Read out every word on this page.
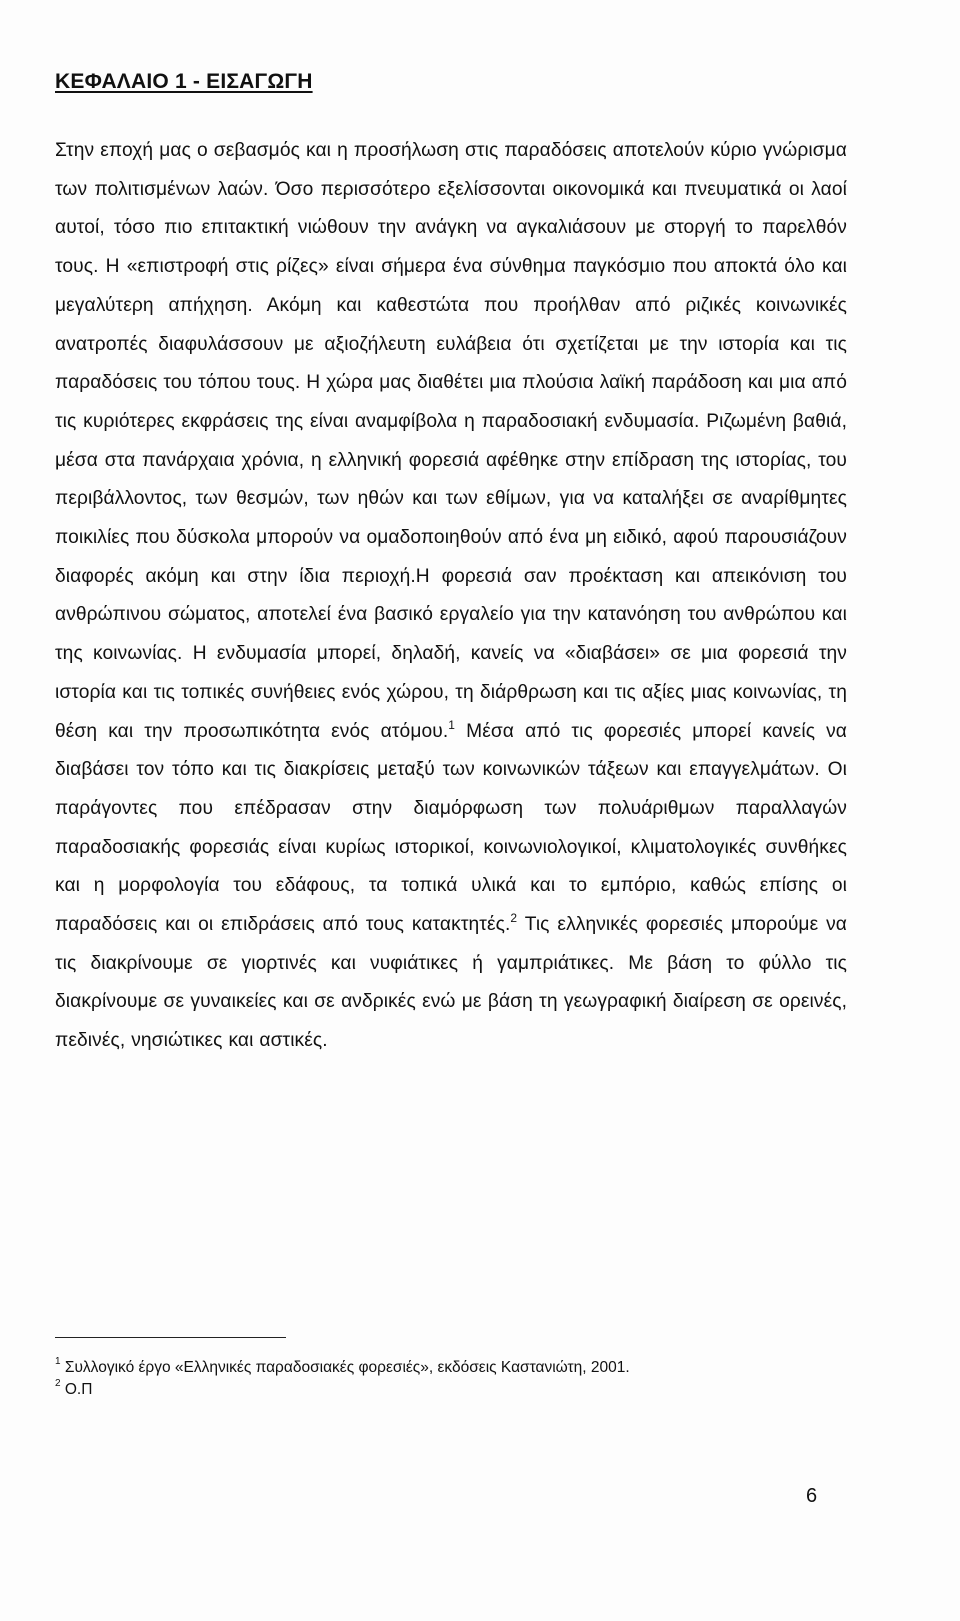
ΚΕΦΑΛΑΙΟ 1 - ΕΙΣΑΓΩΓΗ

Στην εποχή μας ο σεβασμός και η προσήλωση στις παραδόσεις αποτελούν κύριο γνώρισμα των πολιτισμένων λαών. Όσο περισσότερο εξελίσσονται οικονομικά και πνευματικά οι λαοί αυτοί, τόσο πιο επιτακτική νιώθουν την ανάγκη να αγκαλιάσουν με στοργή το παρελθόν τους. Η «επιστροφή στις ρίζες» είναι σήμερα ένα σύνθημα παγκόσμιο που αποκτά όλο και μεγαλύτερη απήχηση. Ακόμη και καθεστώτα που προήλθαν από ριζικές κοινωνικές ανατροπές διαφυλάσσουν με αξιοζήλευτη ευλάβεια ότι σχετίζεται με την ιστορία και τις παραδόσεις του τόπου τους. Η χώρα μας διαθέτει μια πλούσια λαϊκή παράδοση και μια από τις κυριότερες εκφράσεις της είναι αναμφίβολα η παραδοσιακή ενδυμασία. Ριζωμένη βαθιά, μέσα στα πανάρχαια χρόνια, η ελληνική φορεσιά αφέθηκε στην επίδραση της ιστορίας, του περιβάλλοντος, των θεσμών, των ηθών και των εθίμων, για να καταλήξει σε αναρίθμητες ποικιλίες που δύσκολα μπορούν να ομαδοποιηθούν από ένα μη ειδικό, αφού παρουσιάζουν διαφορές ακόμη και στην ίδια περιοχή.Η φορεσιά σαν προέκταση και απεικόνιση του ανθρώπινου σώματος, αποτελεί ένα βασικό εργαλείο για την κατανόηση του ανθρώπου και της κοινωνίας. Η ενδυμασία μπορεί, δηλαδή, κανείς να «διαβάσει» σε μια φορεσιά την ιστορία και τις τοπικές συνήθειες ενός χώρου, τη διάρθρωση και τις αξίες μιας κοινωνίας, τη θέση και την προσωπικότητα ενός ατόμου.$^1$ Μέσα από τις φορεσιές μπορεί κανείς να διαβάσει τον τόπο και τις διακρίσεις μεταξύ των κοινωνικών τάξεων και επαγγελμάτων. Οι παράγοντες που επέδρασαν στην διαμόρφωση των πολυάριθμων παραλλαγών παραδοσιακής φορεσιάς είναι κυρίως ιστορικοί, κοινωνιολογικοί, κλιματολογικές συνθήκες και η μορφολογία του εδάφους, τα τοπικά υλικά και το εμπόριο, καθώς επίσης οι παραδόσεις και οι επιδράσεις από τους κατακτητές.$^2$ Τις ελληνικές φορεσιές μπορούμε να τις διακρίνουμε σε γιορτινές και νυφιάτικες ή γαμπριάτικες. Με βάση το φύλλο τις διακρίνουμε σε γυναικείες και σε ανδρικές ενώ με βάση τη γεωγραφική διαίρεση σε ορεινές, πεδινές, νησιώτικες και αστικές.

$^1$ Συλλογικό έργο «Ελληνικές παραδοσιακές φορεσιές», εκδόσεις Καστανιώτη, 2001.

$^2$ Ο.Π

6
